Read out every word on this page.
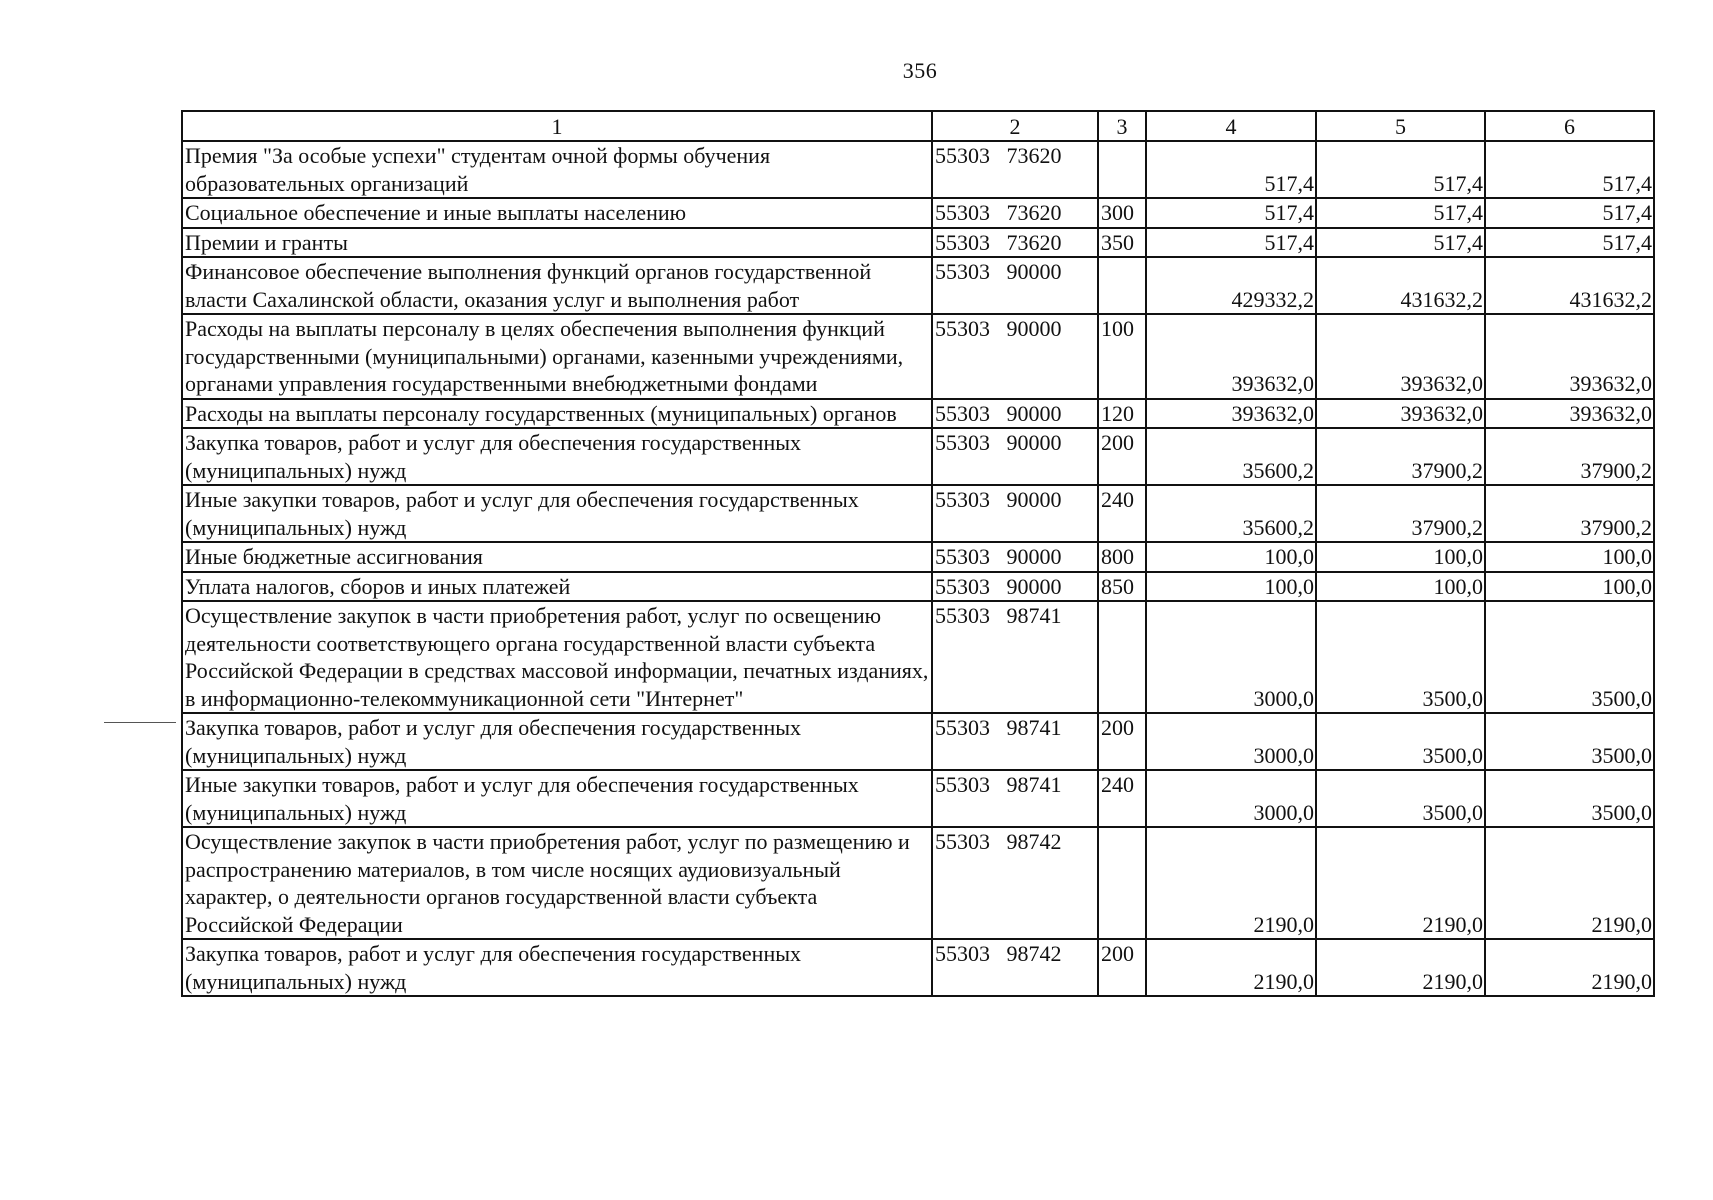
356
1	2	3	4	5	6
Премия "За особые успехи" студентам очной формы обучения образовательных организаций	55303   73620		517,4	517,4	517,4
Социальное обеспечение и иные выплаты населению	55303   73620	300	517,4	517,4	517,4
Премии и гранты	55303   73620	350	517,4	517,4	517,4
Финансовое обеспечение выполнения функций органов государственной власти Сахалинской области, оказания услуг и выполнения работ	55303   90000		429332,2	431632,2	431632,2
Расходы на выплаты персоналу в целях обеспечения выполнения функций государственными (муниципальными) органами, казенными учреждениями, органами управления государственными внебюджетными фондами	55303   90000	100	393632,0	393632,0	393632,0
Расходы на выплаты персоналу государственных (муниципальных) органов	55303   90000	120	393632,0	393632,0	393632,0
Закупка товаров, работ и услуг для обеспечения государственных (муниципальных) нужд	55303   90000	200	35600,2	37900,2	37900,2
Иные закупки товаров, работ и услуг для обеспечения государственных (муниципальных) нужд	55303   90000	240	35600,2	37900,2	37900,2
Иные бюджетные ассигнования	55303   90000	800	100,0	100,0	100,0
Уплата налогов, сборов и иных платежей	55303   90000	850	100,0	100,0	100,0
Осуществление закупок в части приобретения работ, услуг по освещению деятельности соответствующего органа государственной власти субъекта Российской Федерации в средствах массовой информации, печатных изданиях, в информационно-телекоммуникационной сети "Интернет"	55303   98741		3000,0	3500,0	3500,0
Закупка товаров, работ и услуг для обеспечения государственных (муниципальных) нужд	55303   98741	200	3000,0	3500,0	3500,0
Иные закупки товаров, работ и услуг для обеспечения государственных (муниципальных) нужд	55303   98741	240	3000,0	3500,0	3500,0
Осуществление закупок в части приобретения работ, услуг по размещению и распространению материалов, в том числе носящих аудиовизуальный характер, о деятельности органов государственной власти субъекта Российской Федерации	55303   98742		2190,0	2190,0	2190,0
Закупка товаров, работ и услуг для обеспечения государственных (муниципальных) нужд	55303   98742	200	2190,0	2190,0	2190,0
